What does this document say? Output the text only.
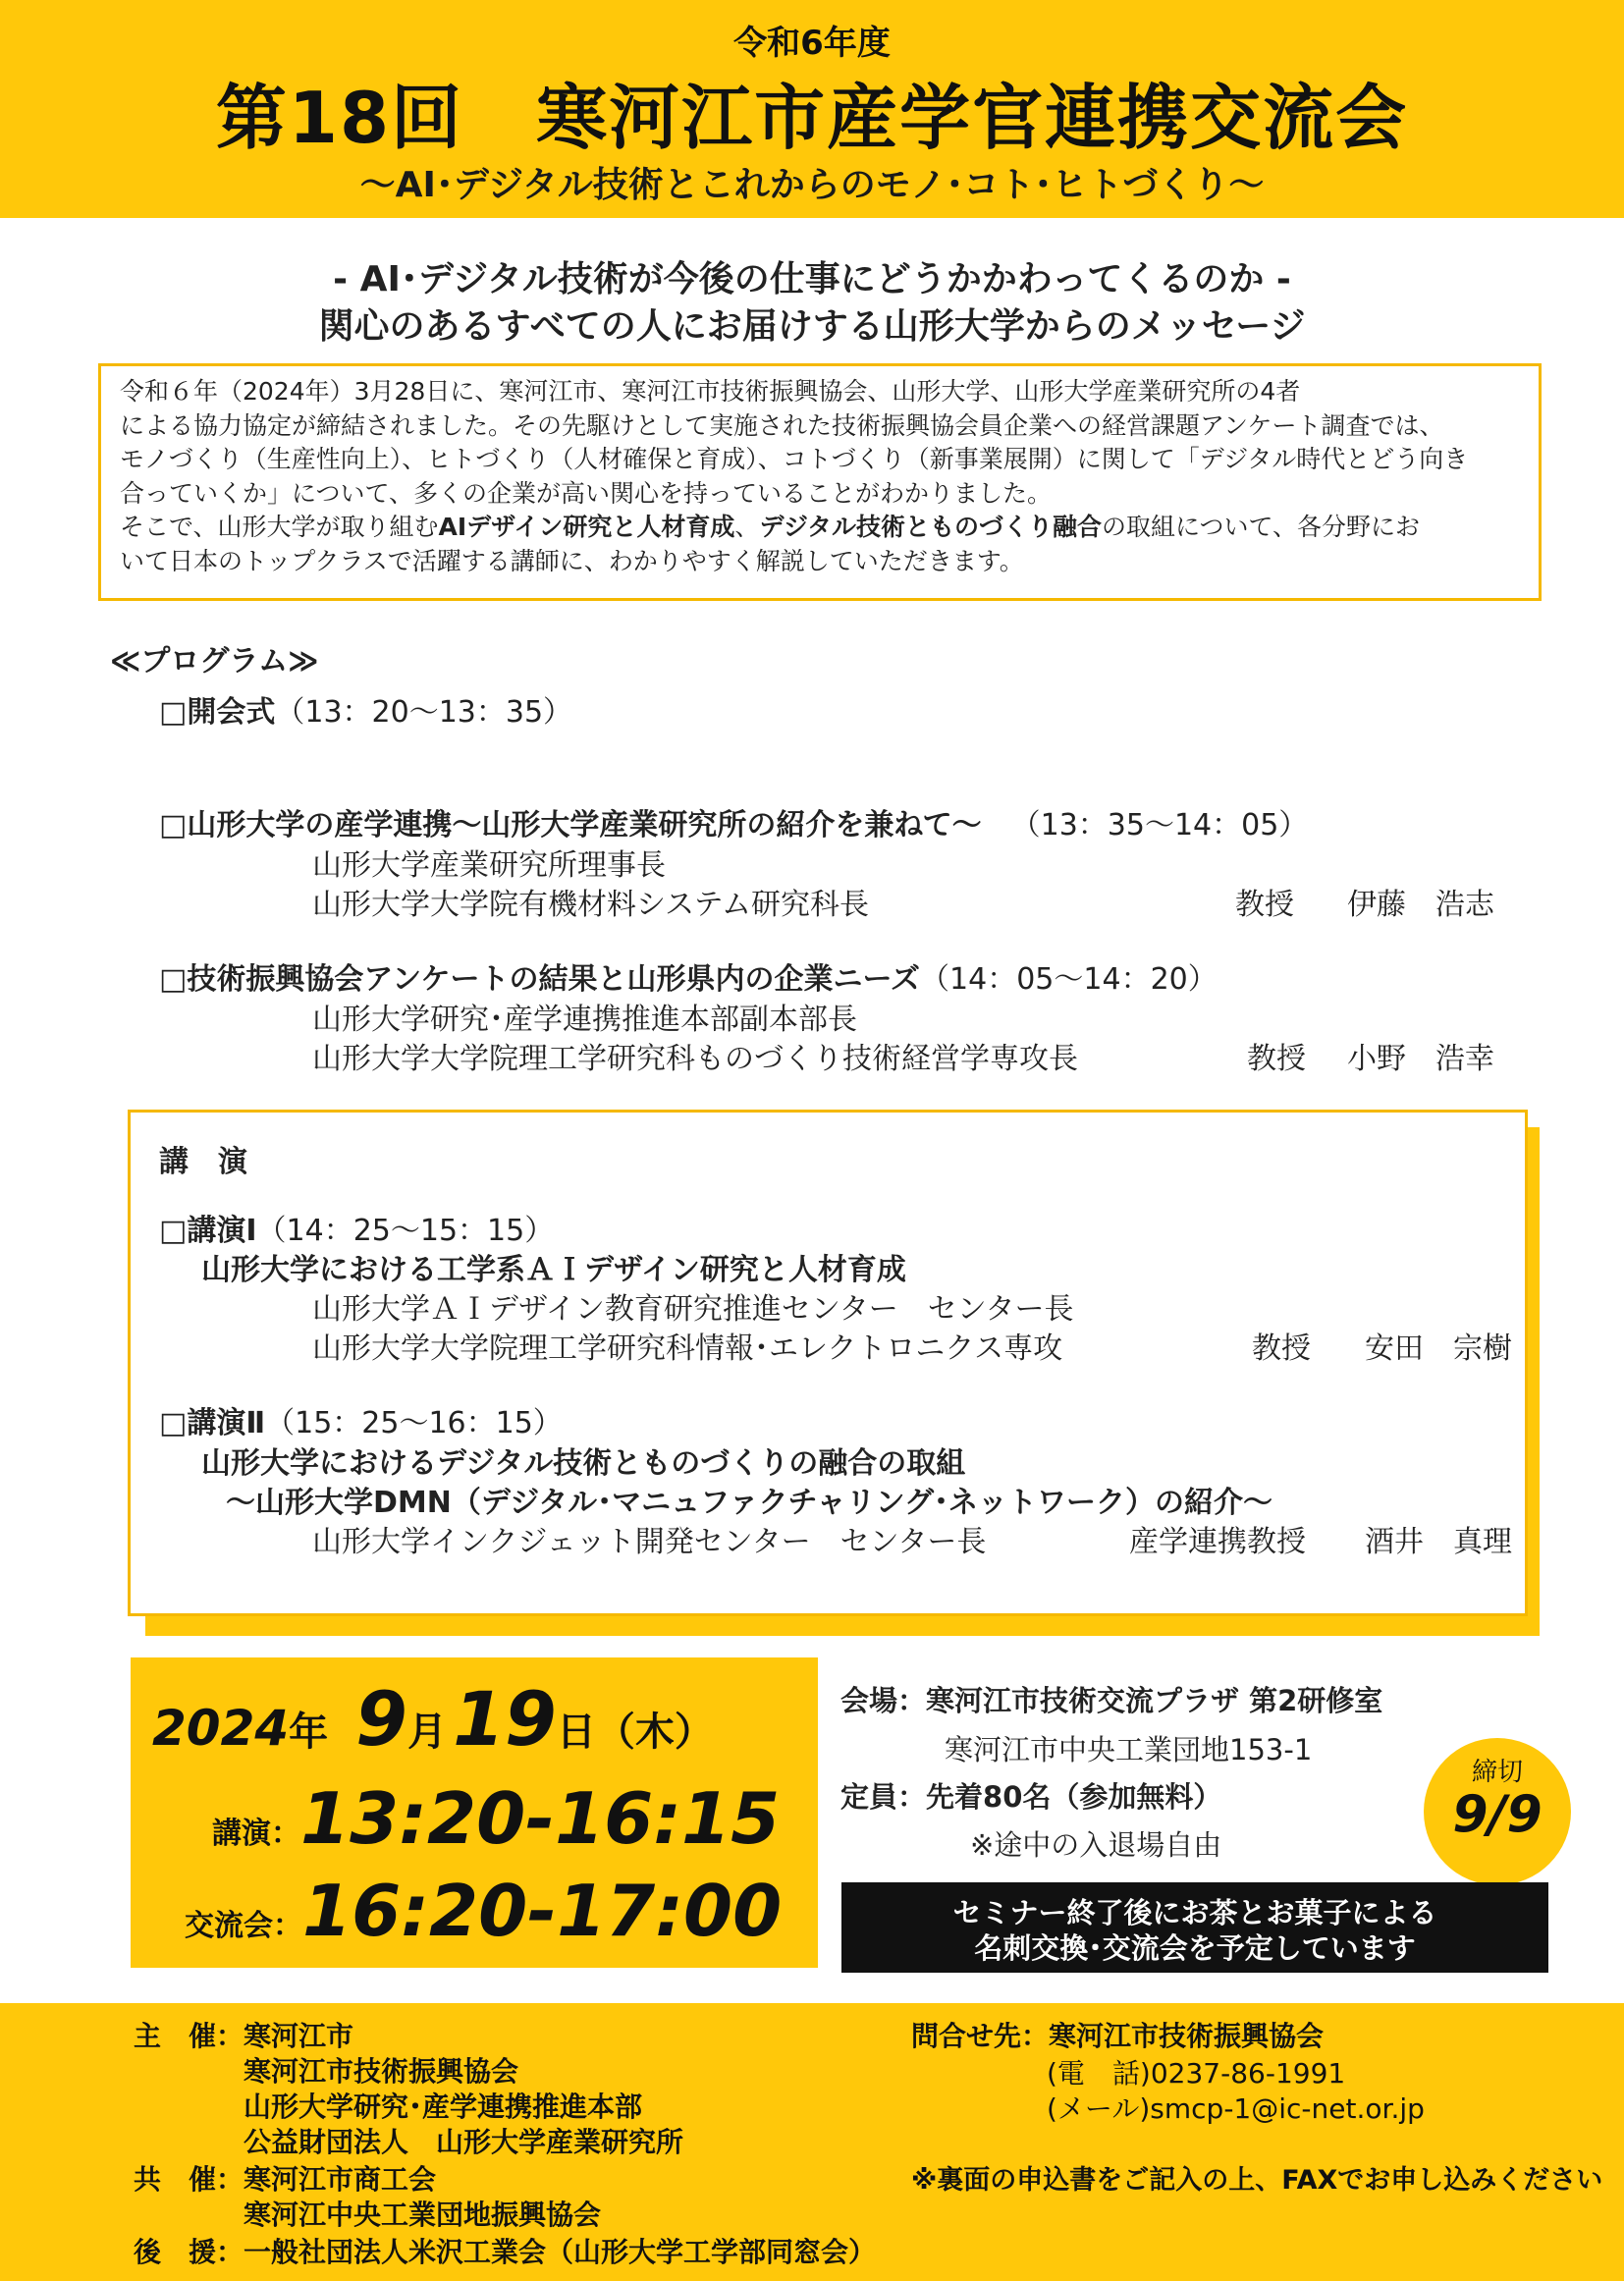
令和6年度
第18回　寒河江市産学官連携交流会
～AI･デジタル技術とこれからのモノ･コト･ヒトづくり～
- AI･デジタル技術が今後の仕事にどうかかわってくるのか -
関心のあるすべての人にお届けする山形大学からのメッセージ
令和６年（2024年）3月28日に、寒河江市、寒河江市技術振興協会、山形大学、山形大学産業研究所の4者
による協力協定が締結されました。その先駆けとして実施された技術振興協会員企業への経営課題アンケート調査では、
モノづくり（生産性向上）、ヒトづくり（人材確保と育成）、コトづくり（新事業展開）に関して「デジタル時代とどう向き
合っていくか」について、多くの企業が高い関心を持っていることがわかりました。
そこで、山形大学が取り組むAIデザイン研究と人材育成、デジタル技術とものづくり融合の取組について、各分野にお
いて日本のトップクラスで活躍する講師に、わかりやすく解説していただきます。
≪プログラム≫
□開会式（13：20～13：35）
□山形大学の産学連携～山形大学産業研究所の紹介を兼ねて～ （13：35～14：05）
山形大学産業研究所理事長
山形大学大学院有機材料システム研究科長	教授	伊藤　浩志
□技術振興協会アンケートの結果と山形県内の企業ニーズ（14：05～14：20）
山形大学研究･産学連携推進本部副本部長
山形大学大学院理工学研究科ものづくり技術経営学専攻長	教授	小野　浩幸
講　演
□講演Ⅰ（14：25～15：15）
山形大学における工学系ＡＩデザイン研究と人材育成
山形大学ＡＩデザイン教育研究推進センター　センター長
山形大学大学院理工学研究科情報･エレクトロニクス専攻	教授	安田　宗樹
□講演Ⅱ（15：25～16：15）
山形大学におけるデジタル技術とものづくりの融合の取組
～山形大学DMN（デジタル･マニュファクチャリング･ネットワーク）の紹介～
山形大学インクジェット開発センター　センター長	産学連携教授	酒井　真理
2024年 9月19日（木）
講演：13:20-16:15
交流会：16:20-17:00
会場：寒河江市技術交流プラザ 第2研修室
寒河江市中央工業団地153-1
定員：先着80名（参加無料）
※途中の入退場自由
締切
9/9
セミナー終了後にお茶とお菓子による
名刺交換･交流会を予定しています
主　催： 寒河江市
寒河江市技術振興協会
山形大学研究･産学連携推進本部
公益財団法人　山形大学産業研究所
共　催： 寒河江市商工会
寒河江中央工業団地振興協会
後　援： 一般社団法人米沢工業会（山形大学工学部同窓会）
問合せ先：寒河江市技術振興協会
(電　話)0237-86-1991
(メール)smcp-1@ic-net.or.jp
※裏面の申込書をご記入の上、FAXでお申し込みください
